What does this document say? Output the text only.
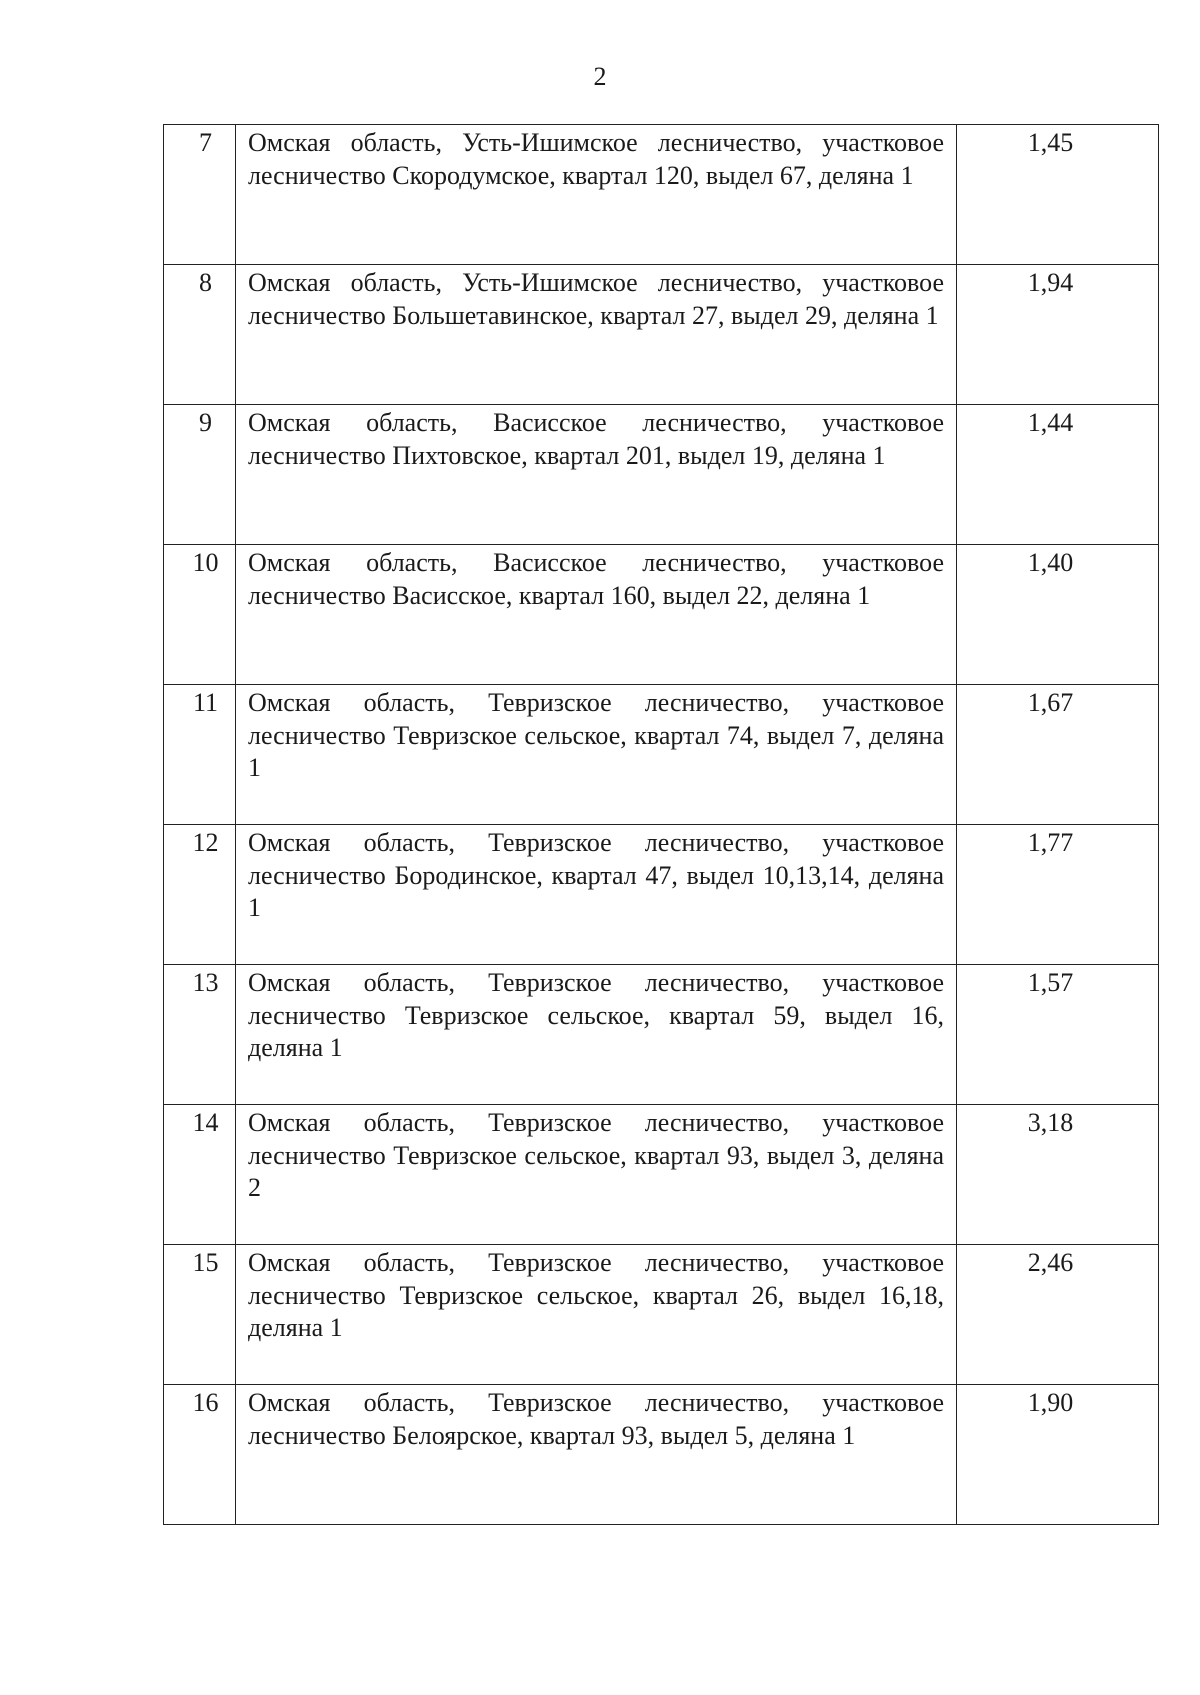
2
7	Омская область, Усть-Ишимское лесничество, участковое лесничество Скородумское, квартал 120, выдел 67, деляна 1	1,45
8	Омская область, Усть-Ишимское лесничество, участковое лесничество Большетавинское, квартал 27, выдел 29, деляна 1	1,94
9	Омская область, Васисское лесничество, участковое лесничество Пихтовское, квартал 201, выдел 19, деляна 1	1,44
10	Омская область, Васисское лесничество, участковое лесничество Васисское, квартал 160, выдел 22, деляна 1	1,40
11	Омская область, Тевризское лесничество, участковое лесничество Тевризское сельское, квартал 74, выдел 7, деляна 1	1,67
12	Омская область, Тевризское лесничество, участковое лесничество Бородинское, квартал 47, выдел 10,13,14, деляна 1	1,77
13	Омская область, Тевризское лесничество, участковое лесничество Тевризское сельское, квартал 59, выдел 16, деляна 1	1,57
14	Омская область, Тевризское лесничество, участковое лесничество Тевризское сельское, квартал 93, выдел 3, деляна 2	3,18
15	Омская область, Тевризское лесничество, участковое лесничество Тевризское сельское, квартал 26, выдел 16,18, деляна 1	2,46
16	Омская область, Тевризское лесничество, участковое лесничество Белоярское, квартал 93, выдел 5, деляна 1	1,90
